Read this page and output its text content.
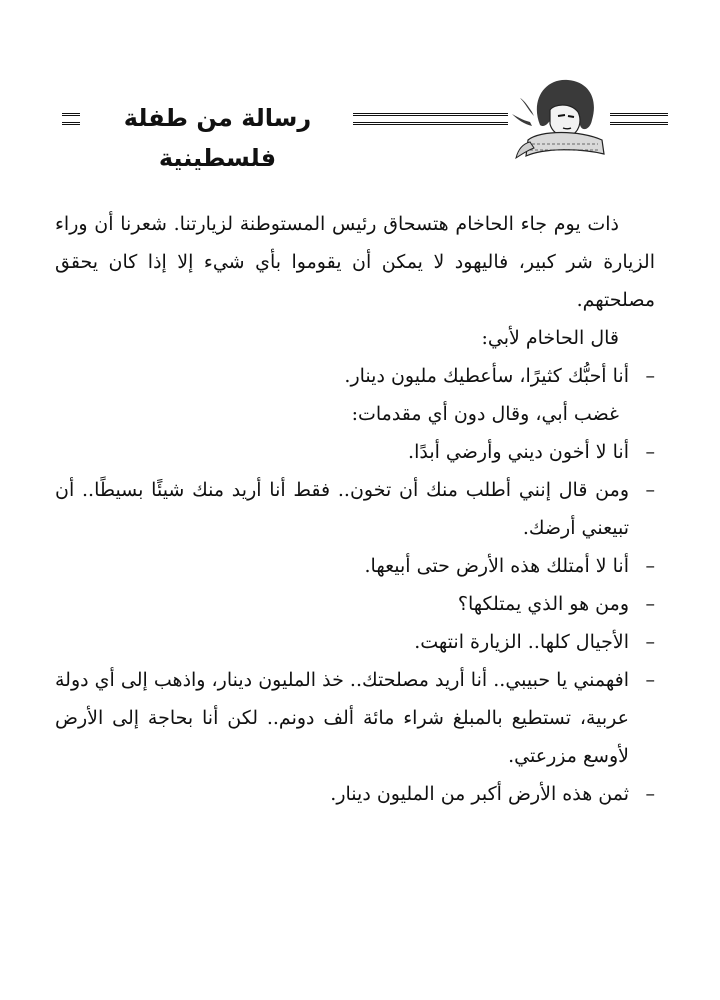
رسالة من طفلة فلسطينية

ذات يوم جاء الحاخام هتسحاق رئيس المستوطنة لزيارتنا. شعرنا أن وراء الزيارة شر كبير، فاليهود لا يمكن أن يقوموا بأي شيء إلا إذا كان يحقق مصلحتهم.

قال الحاخام لأبي:

–
أنا أحبُّك كثيرًا، سأعطيك مليون دينار.

غضب أبي، وقال دون أي مقدمات:

–
أنا لا أخون ديني وأرضي أبدًا.

–
ومن قال إنني أطلب منك أن تخون.. فقط أنا أريد منك شيئًا بسيطًا.. أن تبيعني أرضك.

–
أنا لا أمتلك هذه الأرض حتى أبيعها.

–
ومن هو الذي يمتلكها؟

–
الأجيال كلها.. الزيارة انتهت.

–
افهمني يا حبيبي.. أنا أريد مصلحتك.. خذ المليون دينار، واذهب إلى أي دولة عربية، تستطيع بالمبلغ شراء مائة ألف دونم.. لكن أنا بحاجة إلى الأرض لأوسع مزرعتي.

–
ثمن هذه الأرض أكبر من المليون دينار.
